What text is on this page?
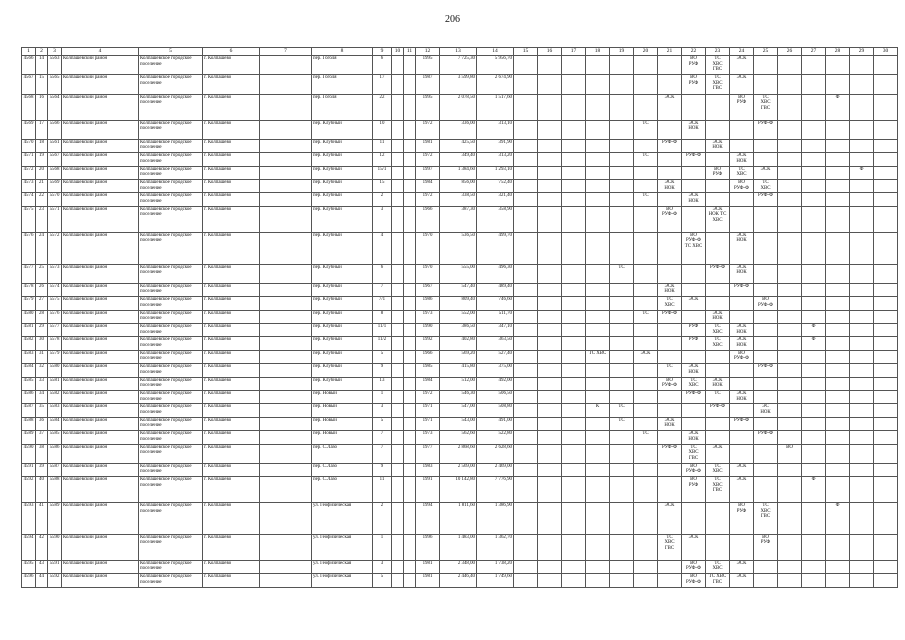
206
1	2	3	4	5	6	7	8	9	10	11	12	13	14	15	16	17	18	19	20	21	22	23	24	25	26	27	28	29	30
4566	14	5563	Колпашевский район	Колпашевское городское поселение	г. Колпашево		пер. Гоголя	6			1995	7 725,30	5 956,70								ВО
РУФ	ТС
ХВС
ГВС	ЭСК						
4567	15	5565	Колпашевский район	Колпашевское городское поселение	г. Колпашево		пер. Гоголя	17			1987	3 599,80	2 674,90								ВО
РУФ	ТС
ХВС
ГВС	ЭСК						
4568	16	5564	Колпашевский район	Колпашевское городское поселение	г. Колпашево		пер. Гоголя	22			1995	2 078,50	1 517,60							ЭСК			ВО
РУФ	ТС
ХВС
ГВС			Ф		
4569	17	5566	Колпашевский район	Колпашевское городское поселение	г. Колпашево		пер. Клубный	10			1972	336,00	313,10						ТС		ЭСК
НОК			РУФ-Ф					
4570	18	5561	Колпашевский район	Колпашевское городское поселение	г. Колпашево		пер. Клубный	11			1981	425,50	391,90							РУФ-Ф		ЭСК
НОК							
4571	19	5567	Колпашевский район	Колпашевское городское поселение	г. Колпашево		пер. Клубный	12			1972	349,40	313,20						ТС		РУФ-Ф		ЭСК
НОК						
4572	20	5568	Колпашевский район	Колпашевское городское поселение	г. Колпашево		пер. Клубный	15/1			1997	1 384,60	1 293,10									ВО
РУФ	ТС
ХВС	ЭСК				Ф	
4573	21	5569	Колпашевский район	Колпашевское городское поселение	г. Колпашево		пер. Клубный	15			1984	856,00	752,40							ЭСК
НОК			ВО
РУФ-Ф	ТС
ХВС					
4574	22	5570	Колпашевский район	Колпашевское городское поселение	г. Колпашево		пер. Клубный	2			1972	338,50	321,40						ТС		ЭСК
НОК			РУФ-Ф					
4575	23	5571	Колпашевский район	Колпашевское городское поселение	г. Колпашево		пер. Клубный	3			1966	387,30	358,90							ВО
РУФ-Ф		ЭСК
НОК ТС
ХВС							
4576	24	5572	Колпашевский район	Колпашевское городское поселение	г. Колпашево		пер. Клубный	4			1970	536,50	499,70								ВО
РУФ-Ф
ТС ХВС		ЭСК
НОК						
4577	25	5573	Колпашевский район	Колпашевское городское поселение	г. Колпашево		пер. Клубный	6			1970	555,00	496,30					ТС				РУФ-Ф	ЭСК
НОК						
4578	26	5574	Колпашевский район	Колпашевское городское поселение	г. Колпашево		пер. Клубный	7			1967	547,40	489,40							ЭСК
НОК			РУФ-Ф						
4579	27	5575	Колпашевский район	Колпашевское городское поселение	г. Колпашево		пер. Клубный	7/1			1986	809,40	746,60							ТС
ХВС	ЭСК			ВО
РУФ-Ф					
4580	28	5576	Колпашевский район	Колпашевское городское поселение	г. Колпашево		пер. Клубный	8			1973	552,00	511,70						ТС	РУФ-Ф		ЭСК
НОК							
4581	29	5577	Колпашевский район	Колпашевское городское поселение	г. Колпашево		пер. Клубный	11/1			1990	386,50	347,10								РУФ	ТС
ХВС	ЭСК
НОК			Ф			
4582	30	5578	Колпашевский район	Колпашевское городское поселение	г. Колпашево		пер. Клубный	11/2			1992	402,80	363,50								РУФ	ТС
ХВС	ЭСК
НОК			Ф			
4583	31	5579	Колпашевский район	Колпашевское городское поселение	г. Колпашево		пер. Клубный	5			1966	569,20	527,40				ТС ХВС		ЭСК				ВО
РУФ-Ф						
4584	32	5580	Колпашевский район	Колпашевское городское поселение	г. Колпашево		пер. Клубный	9			1985	415,80	375,00							ТС	ЭСК
НОК			РУФ-Ф					
4585	33	5581	Колпашевский район	Колпашевское городское поселение	г. Колпашево		пер. Клубный	13			1984	512,00	492,00							ВО
РУФ-Ф	ТС
ХВС	ЭСК
НОК							
4586	34	5582	Колпашевский район	Колпашевское городское поселение	г. Колпашево		пер. Новый	1			1972	546,30	506,50								РУФ-Ф	ТС	ЭСК
НОК						
4587	35	5583	Колпашевский район	Колпашевское городское поселение	г. Колпашево		пер. Новый	3			1971	547,00	508,80				К	ТС				РУФ-Ф		ЭС
НОК					
4588	36	5584	Колпашевский район	Колпашевское городское поселение	г. Колпашево		пер. Новый	5			1971	543,00	491,00					ТС		ЭСК
НОК			РУФ-Ф						
4589	37	5585	Колпашевский район	Колпашевское городское поселение	г. Колпашево		пер. Новый	7			1973	562,60	522,80						ТС		ЭСК
НОК			РУФ-Ф					
4590	38	5586	Колпашевский район	Колпашевское городское поселение	г. Колпашево		пер. С.Лазо	7			1977	2 868,60	2 628,60							РУФ-Ф	ТС
ХВС
ГВС	ЭСК			ВО				
4591	39	5587	Колпашевский район	Колпашевское городское поселение	г. Колпашево		пер. С.Лазо	9			1983	2 569,00	2 469,00								ВО
РУФ-Ф	ТС
ХВС	ЭСК						
4592	40	5588	Колпашевский район	Колпашевское городское поселение	г. Колпашево		пер. С.Лазо	11			1991	10 142,80	7 776,90								ВО
РУФ	ТС
ХВС
ГВС	ЭСК			Ф			
4593	41	5589	Колпашевский район	Колпашевское городское поселение	г. Колпашево		ул. Геофизическая	2			1994	1 811,60	1 386,90							ЭСК			ВО
РУФ	ТС
ХВС
ГВС			Ф		
4594	42	5590	Колпашевский район	Колпашевское городское поселение	г. Колпашево		ул. Геофизическая	1			1996	1 483,00	1 362,70							ТС
ХВС
ГВС	ЭСК			ВО
РУФ					
4595	43	5591	Колпашевский район	Колпашевское городское поселение	г. Колпашево		ул. Геофизическая	3			1981	2 348,00	1 738,20								ВО
РУФ-Ф	ТС
ХВС	ЭСК						
4596	44	5592	Колпашевский район	Колпашевское городское поселение	г. Колпашево		ул. Геофизическая	5			1981	2 446,40	1 749,60								ВО
РУФ-Ф	ТС ХВС
ГВС	ЭСК						
